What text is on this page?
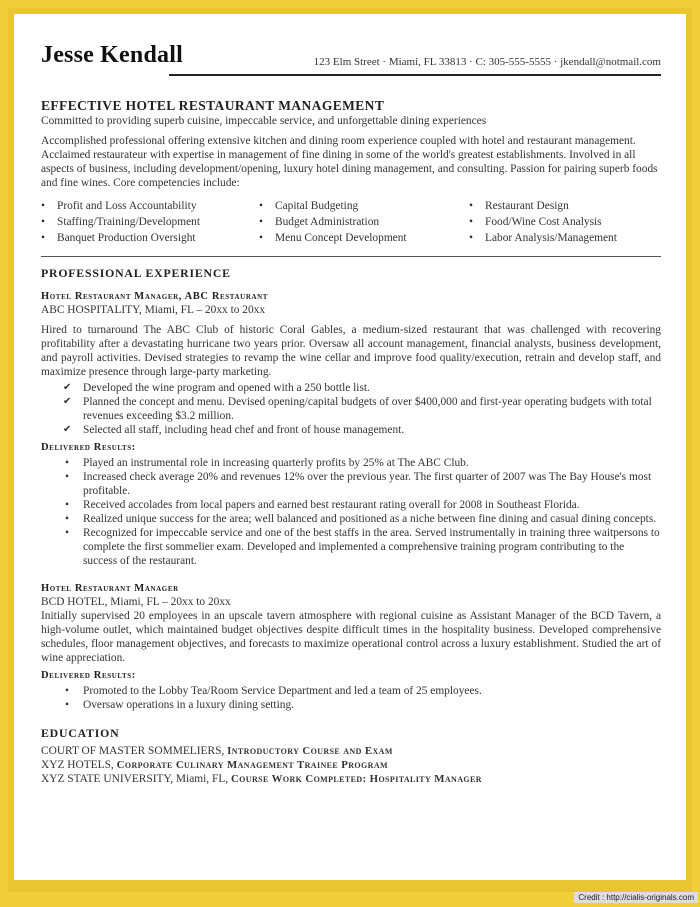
Jesse Kendall	123 Elm Street · Miami, FL 33813 · C: 305-555-5555 · jkendall@notmail.com
EFFECTIVE HOTEL RESTAURANT MANAGEMENT

Committed to providing superb cuisine, impeccable service, and unforgettable dining experiences

Accomplished professional offering extensive kitchen and dining room experience coupled with hotel and restaurant management. Acclaimed restaurateur with expertise in management of fine dining in some of the world's greatest establishments. Involved in all aspects of business, including development/opening, luxury hotel dining management, and consulting. Passion for pairing superb foods and fine wines. Core competencies include:

• Profit and Loss Accountability	• Capital Budgeting	• Restaurant Design
• Staffing/Training/Development	• Budget Administration	• Food/Wine Cost Analysis
• Banquet Production Oversight	• Menu Concept Development	• Labor Analysis/Management
PROFESSIONAL EXPERIENCE
Hotel Restaurant Manager, ABC Restaurant
ABC HOSPITALITY, Miami, FL – 20xx to 20xx

Hired to turnaround The ABC Club of historic Coral Gables, a medium-sized restaurant that was challenged with recovering profitability after a devastating hurricane two years prior. Oversaw all account management, financial analysts, business development, and payroll activities. Devised strategies to revamp the wine cellar and improve food quality/execution, retrain and develop staff, and maximize presence through large-party marketing.

✔ Developed the wine program and opened with a 250 bottle list.
✔ Planned the concept and menu. Devised opening/capital budgets of over $400,000 and first-year operating budgets with total revenues exceeding $3.2 million.
✔ Selected all staff, including head chef and front of house management.
Delivered Results:
• Played an instrumental role in increasing quarterly profits by 25% at The ABC Club.
• Increased check average 20% and revenues 12% over the previous year. The first quarter of 2007 was The Bay House's most profitable.
• Received accolades from local papers and earned best restaurant rating overall for 2008 in Southeast Florida.
• Realized unique success for the area; well balanced and positioned as a niche between fine dining and casual dining concepts.
• Recognized for impeccable service and one of the best staffs in the area. Served instrumentally in training three waitpersons to complete the first sommelier exam. Developed and implemented a comprehensive training program contributing to the success of the restaurant.
Hotel Restaurant Manager
BCD HOTEL, Miami, FL – 20xx to 20xx

Initially supervised 20 employees in an upscale tavern atmosphere with regional cuisine as Assistant Manager of the BCD Tavern, a high-volume outlet, which maintained budget objectives despite difficult times in the hospitality business. Developed comprehensive schedules, floor management objectives, and forecasts to maximize operational control across a luxury establishment. Studied the art of wine appreciation.

Delivered Results:
• Promoted to the Lobby Tea/Room Service Department and led a team of 25 employees.
• Oversaw operations in a luxury dining setting.
EDUCATION
COURT OF MASTER SOMMELIERS, Introductory Course and Exam
XYZ HOTELS, Corporate Culinary Management Trainee Program
XYZ STATE UNIVERSITY, Miami, FL, Course Work Completed: Hospitality Manager
Credit : http://cialis-originals.com
